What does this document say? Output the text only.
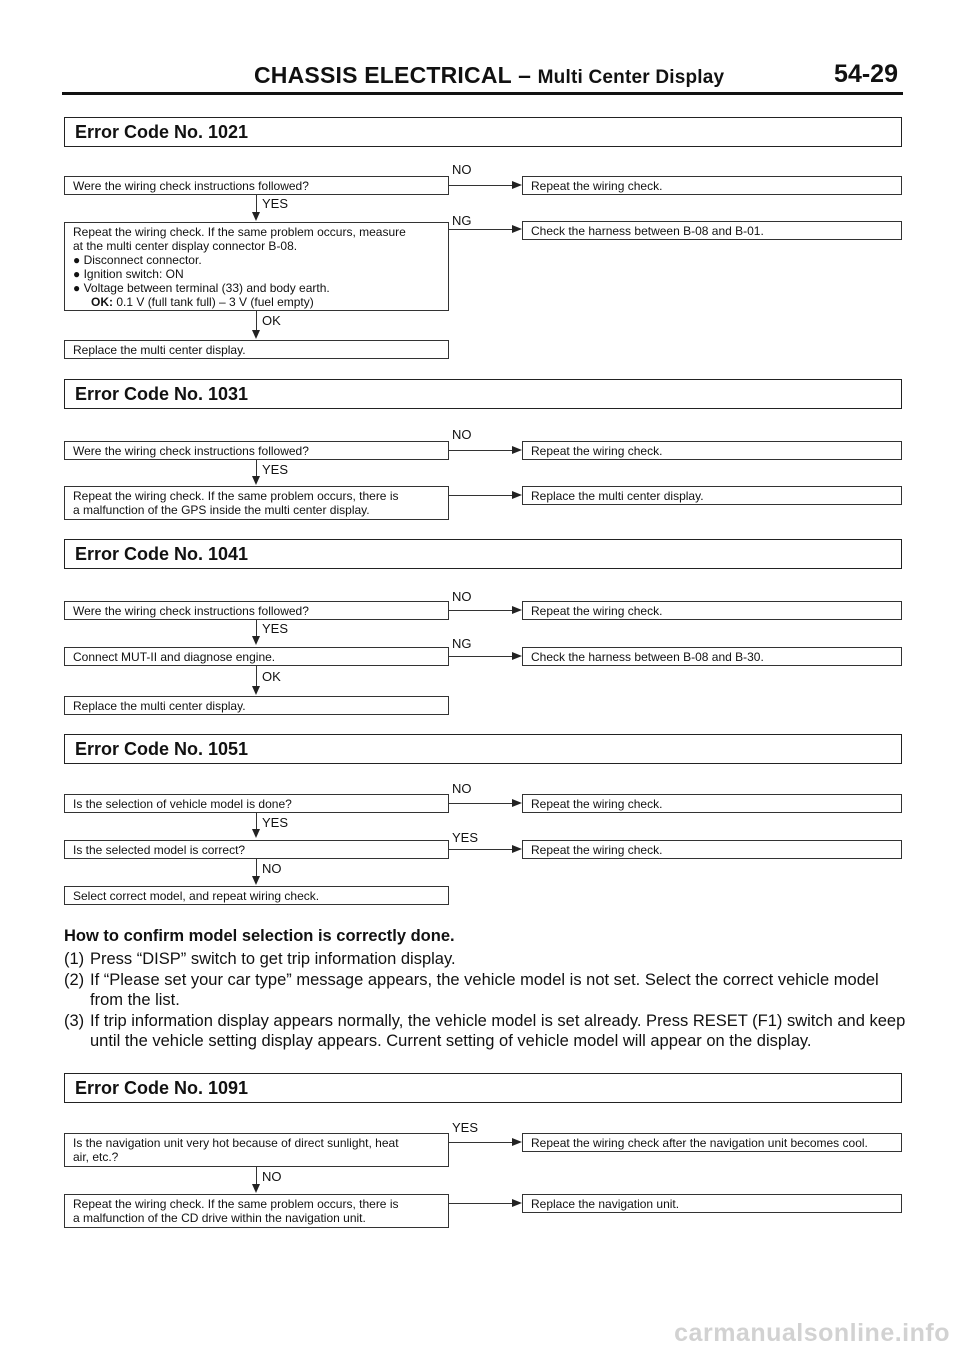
CHASSIS ELECTRICAL – Multi Center Display	54-29
Error Code No. 1021
Were the wiring check instructions followed?
NO
Repeat the wiring check.
YES
Repeat the wiring check. If the same problem occurs, measure
at the multi center display connector B-08.
● Disconnect connector.
● Ignition switch: ON
● Voltage between terminal (33) and body earth.
OK: 0.1 V (full tank full) – 3 V (fuel empty)
NG
Check the harness between B-08 and B-01.
OK
Replace the multi center display.
Error Code No. 1031
Were the wiring check instructions followed?
NO
Repeat the wiring check.
YES
Repeat the wiring check. If the same problem occurs, there is
a malfunction of the GPS inside the multi center display.
Replace the multi center display.
Error Code No. 1041
Were the wiring check instructions followed?
NO
Repeat the wiring check.
YES
Connect MUT-II and diagnose engine.
NG
Check the harness between B-08 and B-30.
OK
Replace the multi center display.
Error Code No. 1051
Is the selection of vehicle model is done?
NO
Repeat the wiring check.
YES
Is the selected model is correct?
YES
Repeat the wiring check.
NO
Select correct model, and repeat wiring check.
How to confirm model selection is correctly done.
(1) Press “DISP” switch to get trip information display.
(2) If “Please set your car type” message appears, the vehicle model is not set. Select the correct vehicle model from the list.
(3) If trip information display appears normally, the vehicle model is set already. Press RESET (F1) switch and keep until the vehicle setting display appears. Current setting of vehicle model will appear on the display.
Error Code No. 1091
Is the navigation unit very hot because of direct sunlight, heat
air, etc.?
YES
Repeat the wiring check after the navigation unit becomes cool.
NO
Repeat the wiring check. If the same problem occurs, there is
a malfunction of the CD drive within the navigation unit.
Replace the navigation unit.
carmanualsonline.info
